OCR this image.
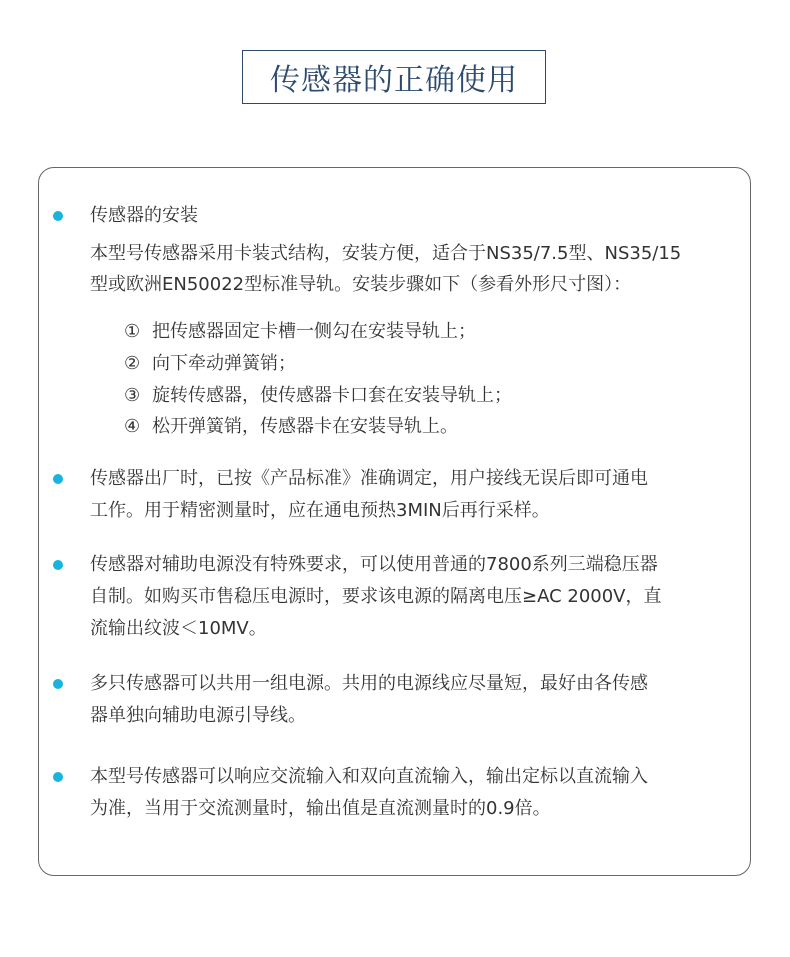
传感器的正确使用
传感器的安装
本型号传感器采用卡装式结构，安装方便，适合于NS35/7.5型、NS35/15
型或欧洲EN50022型标准导轨。安装步骤如下（参看外形尺寸图）：
① 把传感器固定卡槽一侧勾在安装导轨上；
② 向下牵动弹簧销；
③ 旋转传感器，使传感器卡口套在安装导轨上；
④ 松开弹簧销，传感器卡在安装导轨上。
传感器出厂时，已按《产品标准》准确调定，用户接线无误后即可通电
工作。用于精密测量时，应在通电预热3MIN后再行采样。
传感器对辅助电源没有特殊要求，可以使用普通的7800系列三端稳压器
自制。如购买市售稳压电源时，要求该电源的隔离电压≥AC 2000V，直
流输出纹波＜10MV。
多只传感器可以共用一组电源。共用的电源线应尽量短，最好由各传感
器单独向辅助电源引导线。
本型号传感器可以响应交流输入和双向直流输入，输出定标以直流输入
为准，当用于交流测量时，输出值是直流测量时的0.9倍。
